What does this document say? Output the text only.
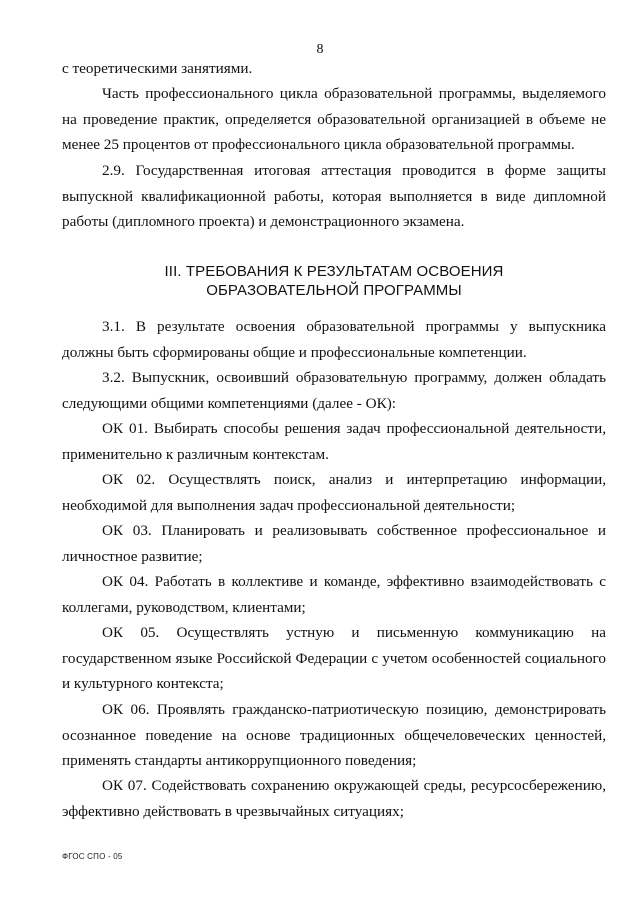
8

с теоретическими занятиями.

Часть профессионального цикла образовательной программы, выделяемого на проведение практик, определяется образовательной организацией в объеме не менее 25 процентов от профессионального цикла образовательной программы.

2.9. Государственная итоговая аттестация проводится в форме защиты выпускной квалификационной работы, которая выполняется в виде дипломной работы (дипломного проекта) и демонстрационного экзамена.

III. ТРЕБОВАНИЯ К РЕЗУЛЬТАТАМ ОСВОЕНИЯ
ОБРАЗОВАТЕЛЬНОЙ ПРОГРАММЫ

3.1. В результате освоения образовательной программы у выпускника должны быть сформированы общие и профессиональные компетенции.

3.2. Выпускник, освоивший образовательную программу, должен обладать следующими общими компетенциями (далее - ОК):

ОК 01. Выбирать способы решения задач профессиональной деятельности, применительно к различным контекстам.

ОК 02. Осуществлять поиск, анализ и интерпретацию информации, необходимой для выполнения задач профессиональной деятельности;

ОК 03. Планировать и реализовывать собственное профессиональное и личностное развитие;

ОК 04. Работать в коллективе и команде, эффективно взаимодействовать с коллегами, руководством, клиентами;

ОК 05. Осуществлять устную и письменную коммуникацию на государственном языке Российской Федерации с учетом особенностей социального и культурного контекста;

ОК 06. Проявлять гражданско-патриотическую позицию, демонстрировать осознанное поведение на основе традиционных общечеловеческих ценностей, применять стандарты антикоррупционного поведения;

ОК 07. Содействовать сохранению окружающей среды, ресурсосбережению, эффективно действовать в чрезвычайных ситуациях;

ФГОС СПО - 05
